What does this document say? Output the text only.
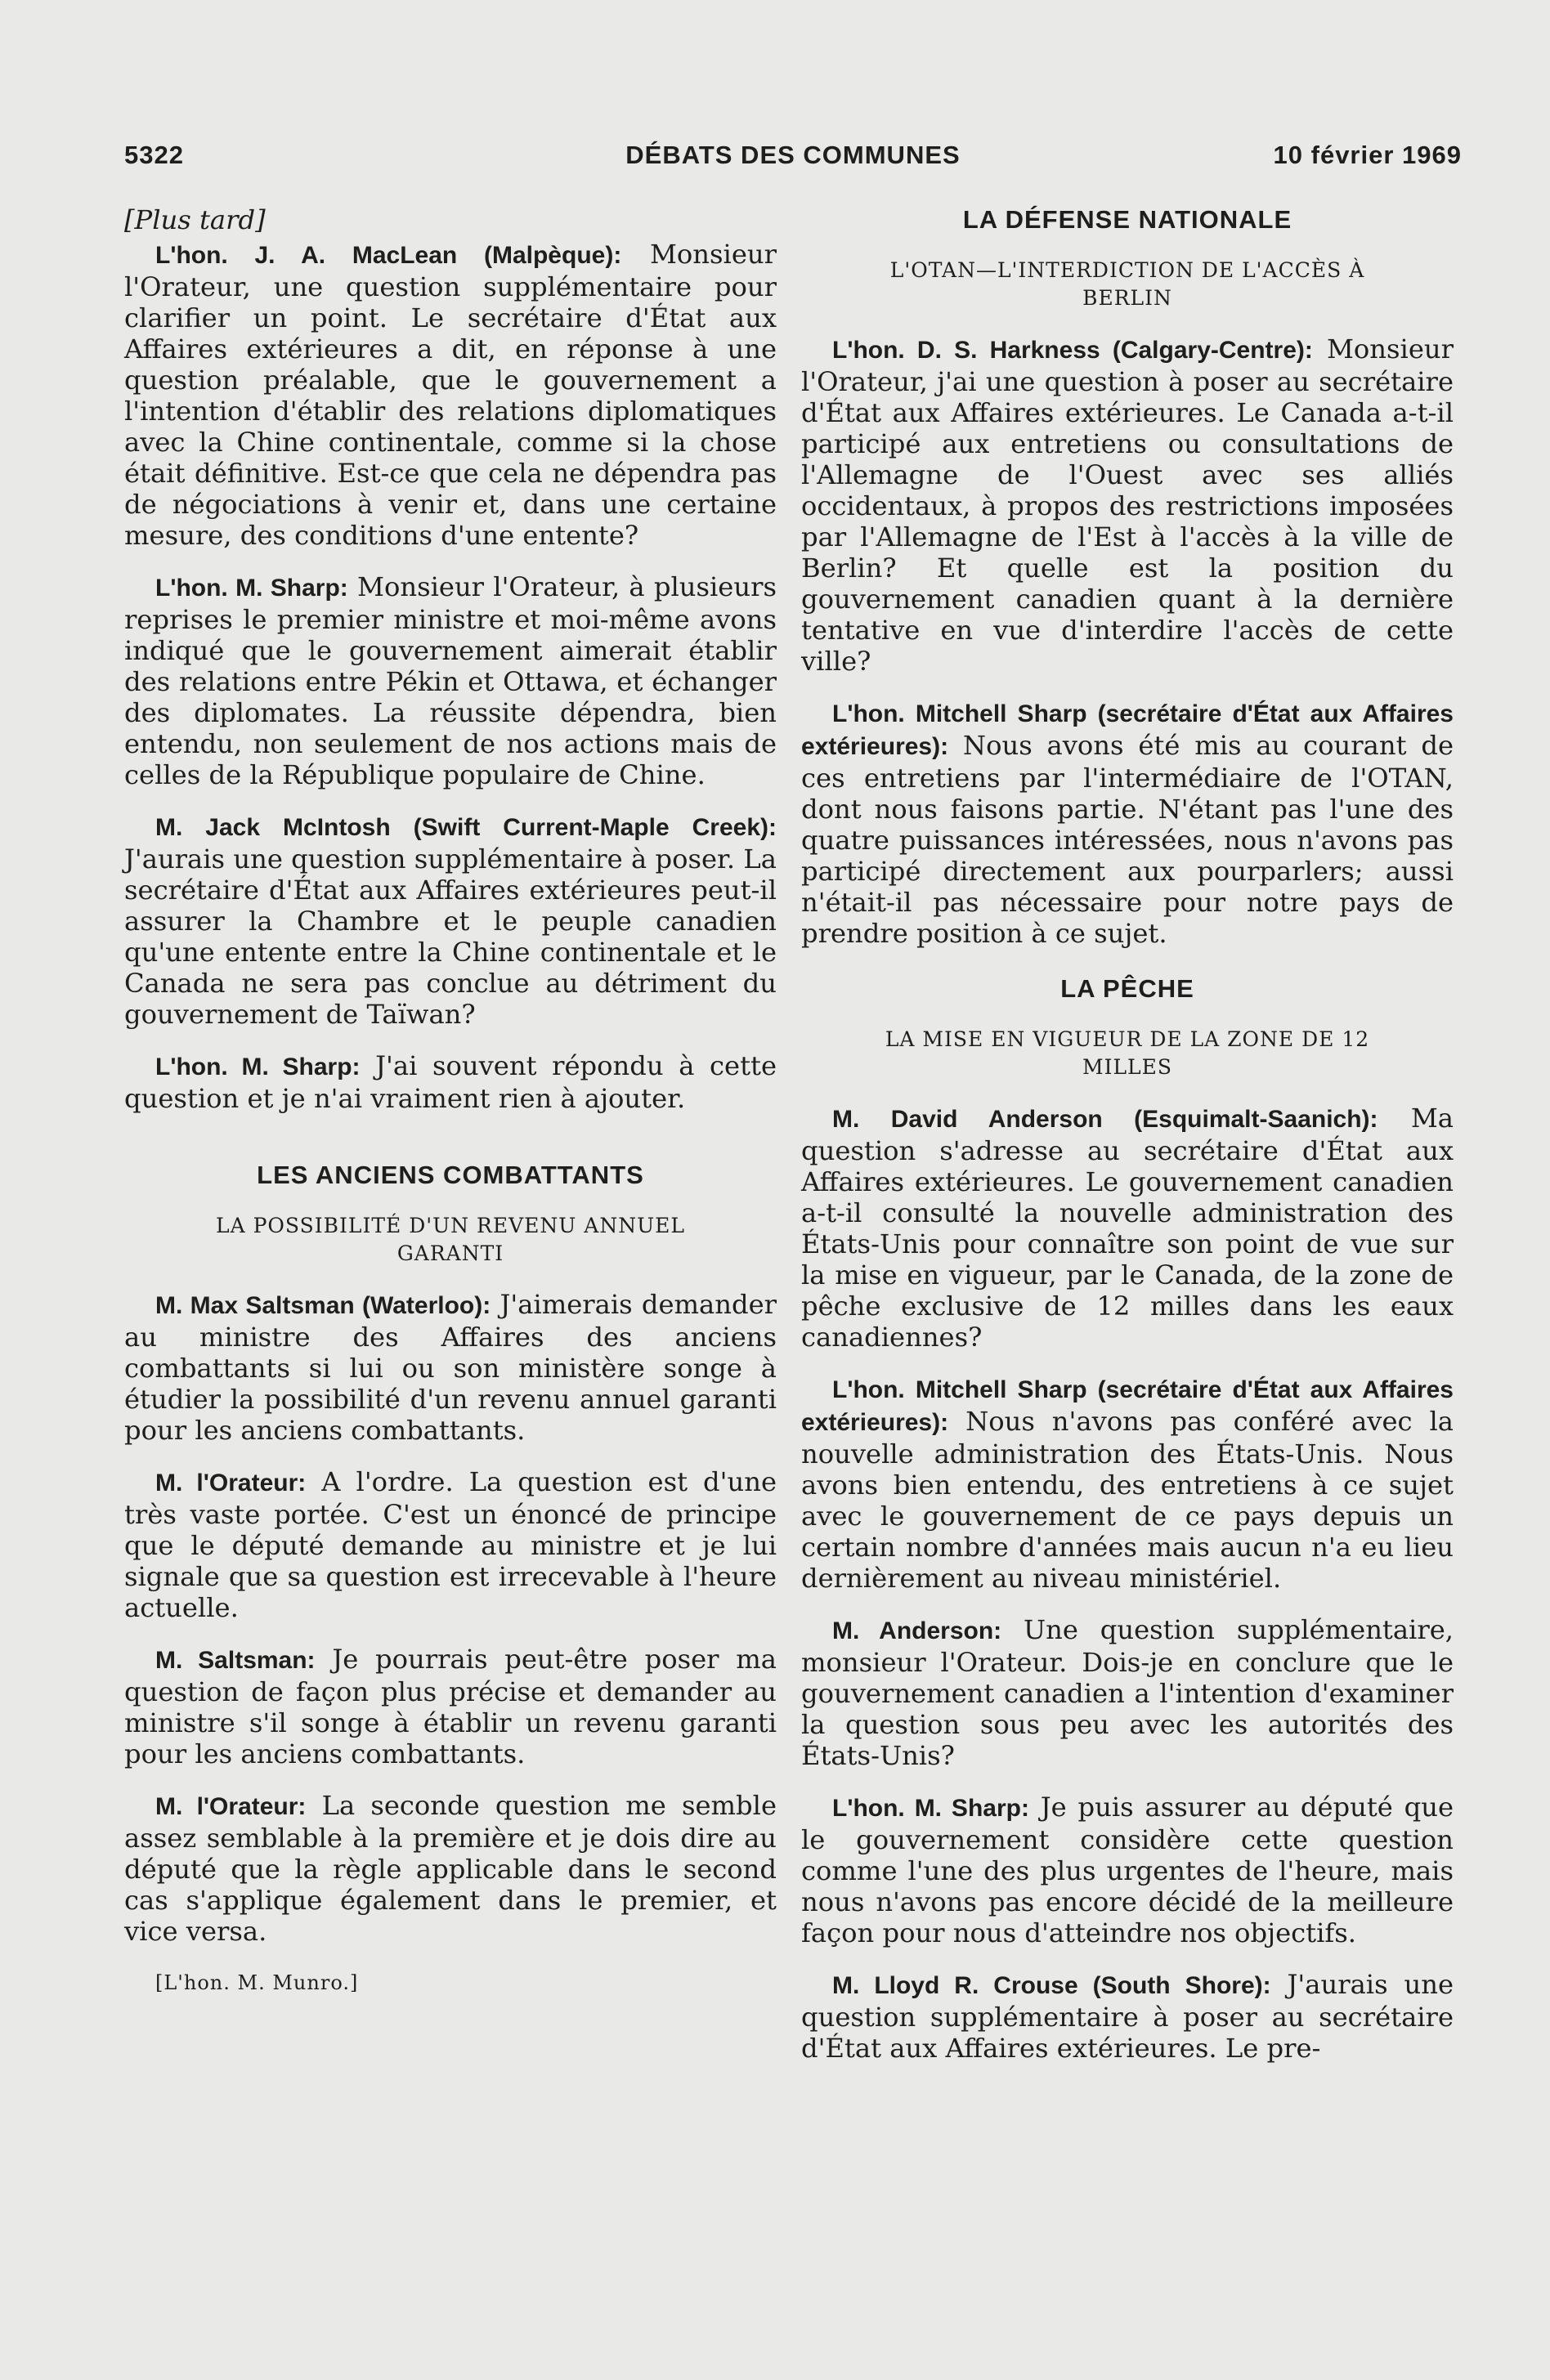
5322	DÉBATS DES COMMUNES	10 février 1969

[Plus tard]

L'hon. J. A. MacLean (Malpèque): Monsieur l'Orateur, une question supplémentaire pour clarifier un point. Le secrétaire d'État aux Affaires extérieures a dit, en réponse à une question préalable, que le gouvernement a l'intention d'établir des relations diplomatiques avec la Chine continentale, comme si la chose était définitive. Est-ce que cela ne dépendra pas de négociations à venir et, dans une certaine mesure, des conditions d'une entente?

L'hon. M. Sharp: Monsieur l'Orateur, à plusieurs reprises le premier ministre et moi-même avons indiqué que le gouvernement aimerait établir des relations entre Pékin et Ottawa, et échanger des diplomates. La réussite dépendra, bien entendu, non seulement de nos actions mais de celles de la République populaire de Chine.

M. Jack McIntosh (Swift Current-Maple Creek): J'aurais une question supplémentaire à poser. La secrétaire d'État aux Affaires extérieures peut-il assurer la Chambre et le peuple canadien qu'une entente entre la Chine continentale et le Canada ne sera pas conclue au détriment du gouvernement de Taïwan?

L'hon. M. Sharp: J'ai souvent répondu à cette question et je n'ai vraiment rien à ajouter.

LES ANCIENS COMBATTANTS
LA POSSIBILITÉ D'UN REVENU ANNUEL GARANTI

M. Max Saltsman (Waterloo): J'aimerais demander au ministre des Affaires des anciens combattants si lui ou son ministère songe à étudier la possibilité d'un revenu annuel garanti pour les anciens combattants.

M. l'Orateur: A l'ordre. La question est d'une très vaste portée. C'est un énoncé de principe que le député demande au ministre et je lui signale que sa question est irrecevable à l'heure actuelle.

M. Saltsman: Je pourrais peut-être poser ma question de façon plus précise et demander au ministre s'il songe à établir un revenu garanti pour les anciens combattants.

M. l'Orateur: La seconde question me semble assez semblable à la première et je dois dire au député que la règle applicable dans le second cas s'applique également dans le premier, et vice versa.

[L'hon. M. Munro.]

LA DÉFENSE NATIONALE
L'OTAN—L'INTERDICTION DE L'ACCÈS À BERLIN

L'hon. D. S. Harkness (Calgary-Centre): Monsieur l'Orateur, j'ai une question à poser au secrétaire d'État aux Affaires extérieures. Le Canada a-t-il participé aux entretiens ou consultations de l'Allemagne de l'Ouest avec ses alliés occidentaux, à propos des restrictions imposées par l'Allemagne de l'Est à l'accès à la ville de Berlin? Et quelle est la position du gouvernement canadien quant à la dernière tentative en vue d'interdire l'accès de cette ville?

L'hon. Mitchell Sharp (secrétaire d'État aux Affaires extérieures): Nous avons été mis au courant de ces entretiens par l'intermédiaire de l'OTAN, dont nous faisons partie. N'étant pas l'une des quatre puissances intéressées, nous n'avons pas participé directement aux pourparlers; aussi n'était-il pas nécessaire pour notre pays de prendre position à ce sujet.

LA PÊCHE
LA MISE EN VIGUEUR DE LA ZONE DE 12 MILLES

M. David Anderson (Esquimalt-Saanich): Ma question s'adresse au secrétaire d'État aux Affaires extérieures. Le gouvernement canadien a-t-il consulté la nouvelle administration des États-Unis pour connaître son point de vue sur la mise en vigueur, par le Canada, de la zone de pêche exclusive de 12 milles dans les eaux canadiennes?

L'hon. Mitchell Sharp (secrétaire d'État aux Affaires extérieures): Nous n'avons pas conféré avec la nouvelle administration des États-Unis. Nous avons bien entendu, des entretiens à ce sujet avec le gouvernement de ce pays depuis un certain nombre d'années mais aucun n'a eu lieu dernièrement au niveau ministériel.

M. Anderson: Une question supplémentaire, monsieur l'Orateur. Dois-je en conclure que le gouvernement canadien a l'intention d'examiner la question sous peu avec les autorités des États-Unis?

L'hon. M. Sharp: Je puis assurer au député que le gouvernement considère cette question comme l'une des plus urgentes de l'heure, mais nous n'avons pas encore décidé de la meilleure façon pour nous d'atteindre nos objectifs.

M. Lloyd R. Crouse (South Shore): J'aurais une question supplémentaire à poser au secrétaire d'État aux Affaires extérieures. Le pre-
